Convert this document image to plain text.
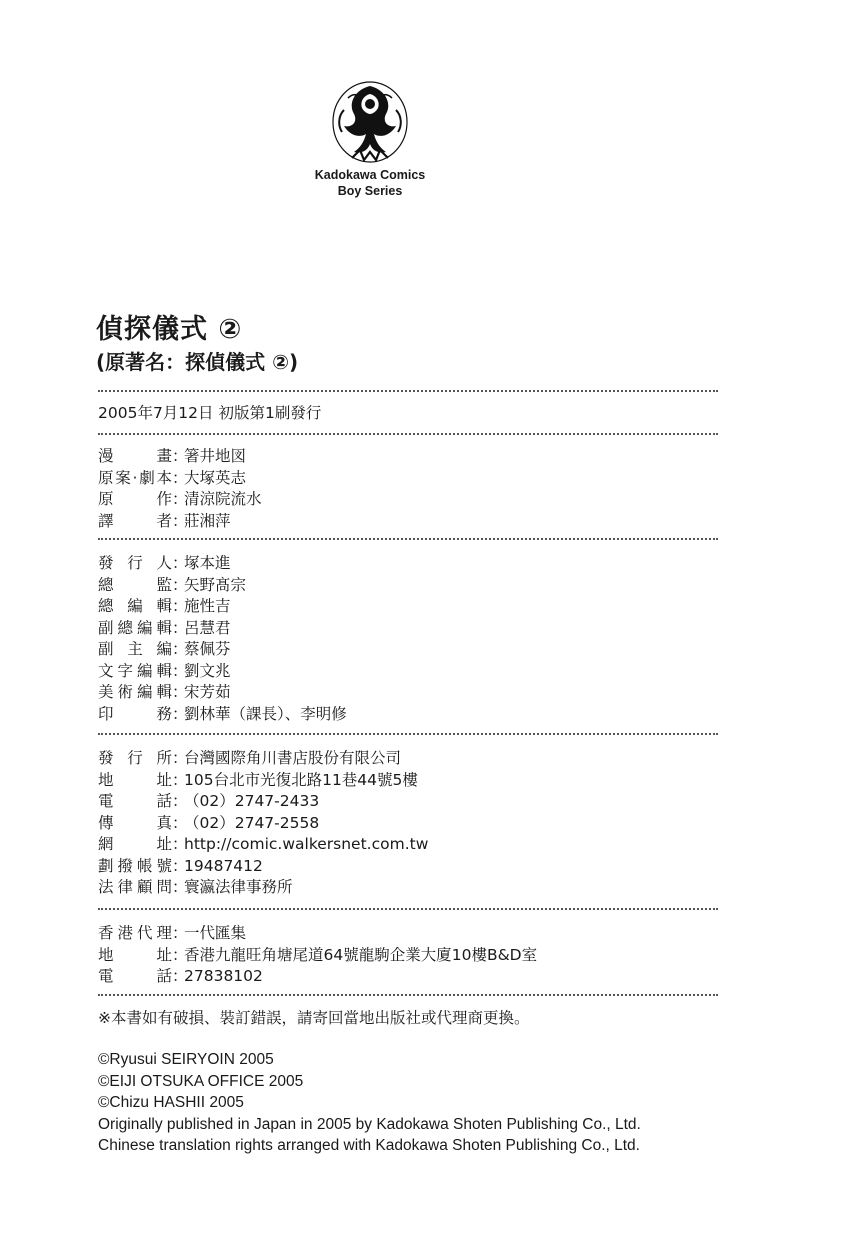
Kadokawa Comics
Boy Series
偵探儀式 ②
(原著名：探偵儀式 ②)
2005年7月12日 初版第1刷發行
漫畫 ：
箸井地図
原案‧劇本 ：
大塚英志
原作 ：
清涼院流水
譯者 ：
莊湘萍
發行人 ：
塚本進
總監 ：
矢野髙宗
總編輯 ：
施性吉
副總編輯 ：
呂慧君
副主編 ：
蔡佩芬
文字編輯 ：
劉文兆
美術編輯 ：
宋芳茹
印務 ：
劉林華（課長）、李明修
發行所 ：
台灣國際角川書店股份有限公司
地址 ：
105台北市光復北路11巷44號5樓
電話 ：
（02）2747-2433
傳真 ：
（02）2747-2558
網址 ：
http://comic.walkersnet.com.tw
劃撥帳號 ：
19487412
法律顧問 ：
寰瀛法律事務所
香港代理 ：
一代匯集
地址 ：
香港九龍旺角塘尾道64號龍駒企業大廈10樓B&D室
電話 ：
27838102
※本書如有破損、裝訂錯誤，請寄回當地出版社或代理商更換。
©Ryusui SEIRYOIN 2005
©EIJI OTSUKA OFFICE 2005
©Chizu HASHII 2005
Originally published in Japan in 2005 by Kadokawa Shoten Publishing Co., Ltd.
Chinese translation rights arranged with Kadokawa Shoten Publishing Co., Ltd.
